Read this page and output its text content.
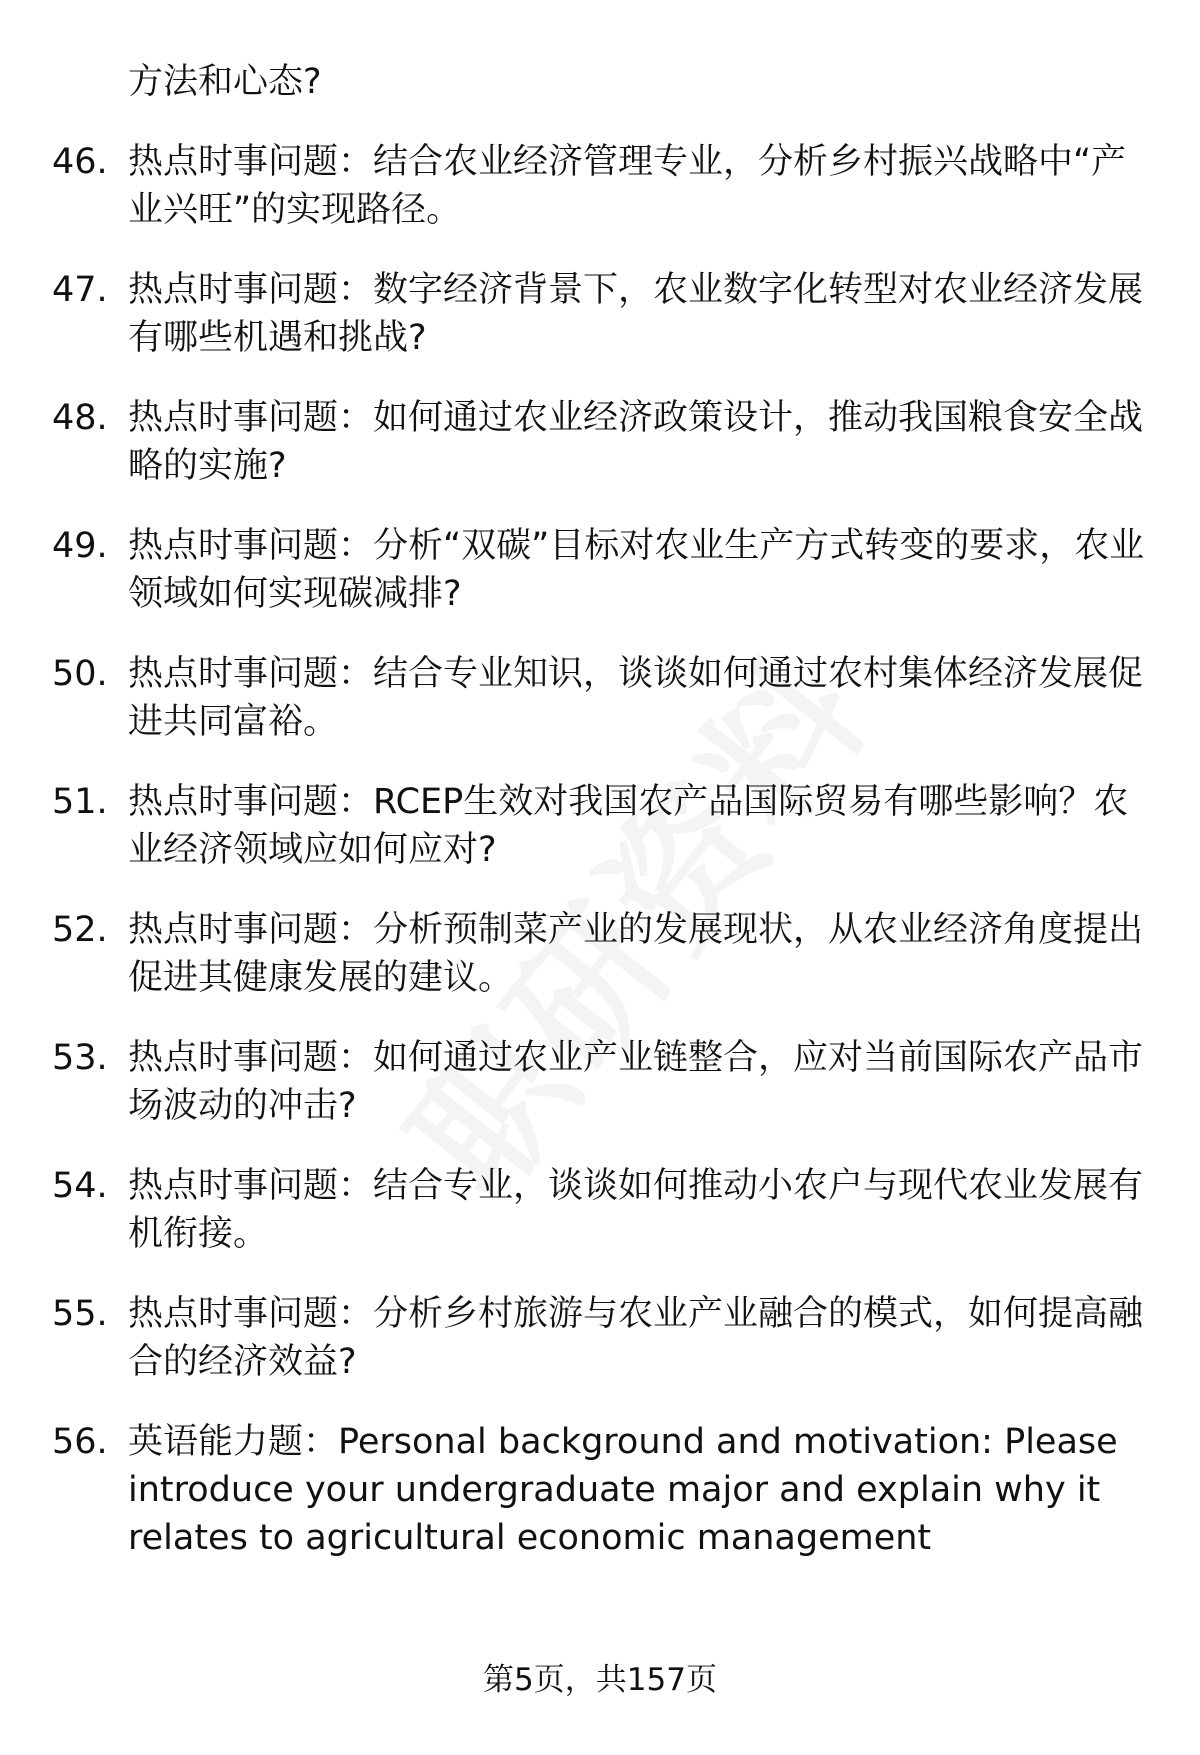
方法和心态?
46. 热点时事问题：结合农业经济管理专业，分析乡村振兴战略中“产业兴旺”的实现路径。
47. 热点时事问题：数字经济背景下，农业数字化转型对农业经济发展有哪些机遇和挑战?
48. 热点时事问题：如何通过农业经济政策设计，推动我国粮食安全战略的实施?
49. 热点时事问题：分析“双碳”目标对农业生产方式转变的要求，农业领域如何实现碳减排?
50. 热点时事问题：结合专业知识，谈谈如何通过农村集体经济发展促进共同富裕。
51. 热点时事问题：RCEP生效对我国农产品国际贸易有哪些影响？农业经济领域应如何应对?
52. 热点时事问题：分析预制菜产业的发展现状，从农业经济角度提出促进其健康发展的建议。
53. 热点时事问题：如何通过农业产业链整合，应对当前国际农产品市场波动的冲击?
54. 热点时事问题：结合专业，谈谈如何推动小农户与现代农业发展有机衔接。
55. 热点时事问题：分析乡村旅游与农业产业融合的模式，如何提高融合的经济效益?
56. 英语能力题：Personal background and motivation: Please introduce your undergraduate major and explain why it relates to agricultural economic management
第5页，共157页
